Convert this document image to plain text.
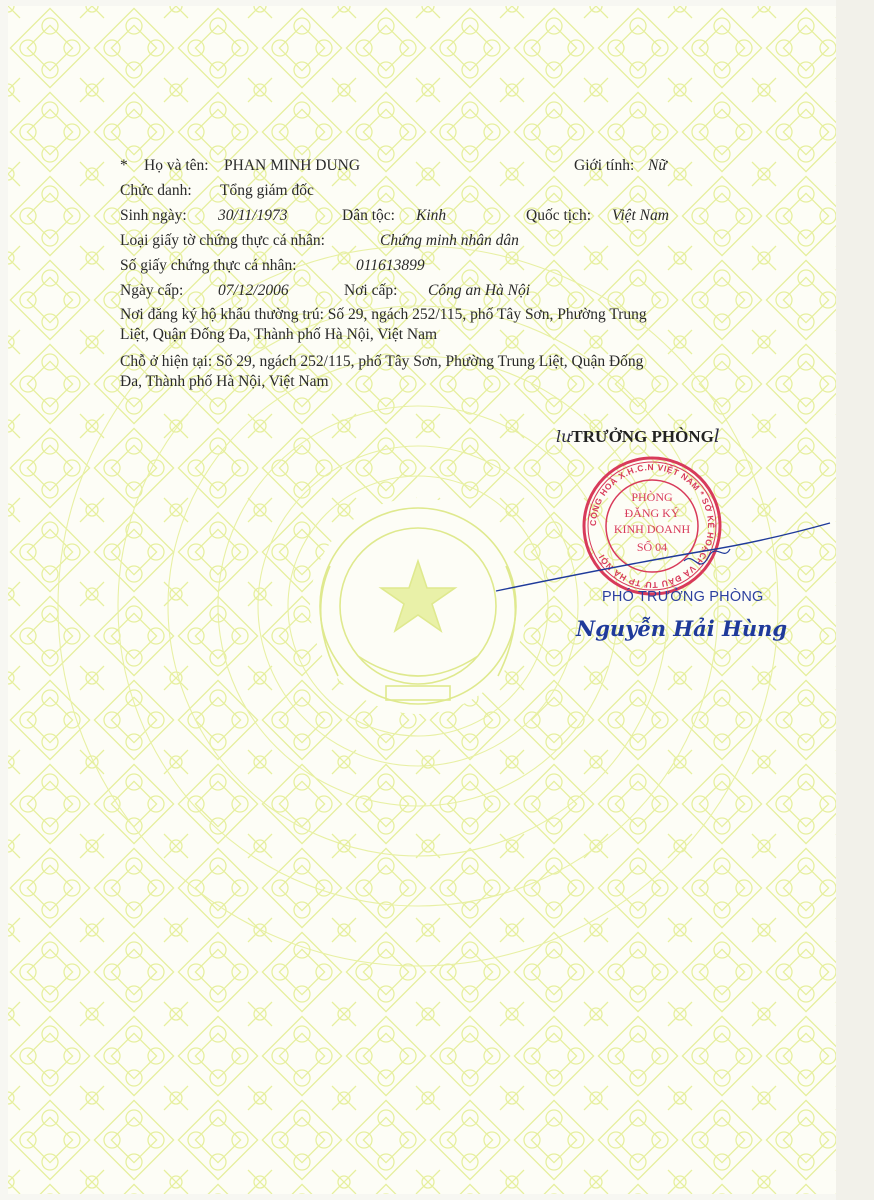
* Họ và tên: PHAN MINH DUNG	Giới tính: Nữ
Chức danh: Tổng giám đốc
Sinh ngày: 30/11/1973	Dân tộc: Kinh	Quốc tịch: Việt Nam
Loại giấy tờ chứng thực cá nhân:	Chứng minh nhân dân
Số giấy chứng thực cá nhân:	011613899
Ngày cấp: 07/12/2006	Nơi cấp: Công an Hà Nội
Nơi đăng ký hộ khẩu thường trú: Số 29, ngách 252/115, phố Tây Sơn, Phường Trung
Liệt, Quận Đống Đa, Thành phố Hà Nội, Việt Nam
Chỗ ở hiện tại: Số 29, ngách 252/115, phố Tây Sơn, Phường Trung Liệt, Quận Đống
Đa, Thành phố Hà Nội, Việt Nam
lưTRƯỞNG PHÒNGl
CỘNG HOÀ X.H.C.N VIỆT NAM * SỞ KẾ HOẠCH VÀ ĐẦU TƯ TP HÀ NỘI
PHÒNG
ĐĂNG KÝ
KINH DOANH
SỐ 04
PHÓ TRƯỞNG PHÒNG
Nguyễn Hải Hùng
